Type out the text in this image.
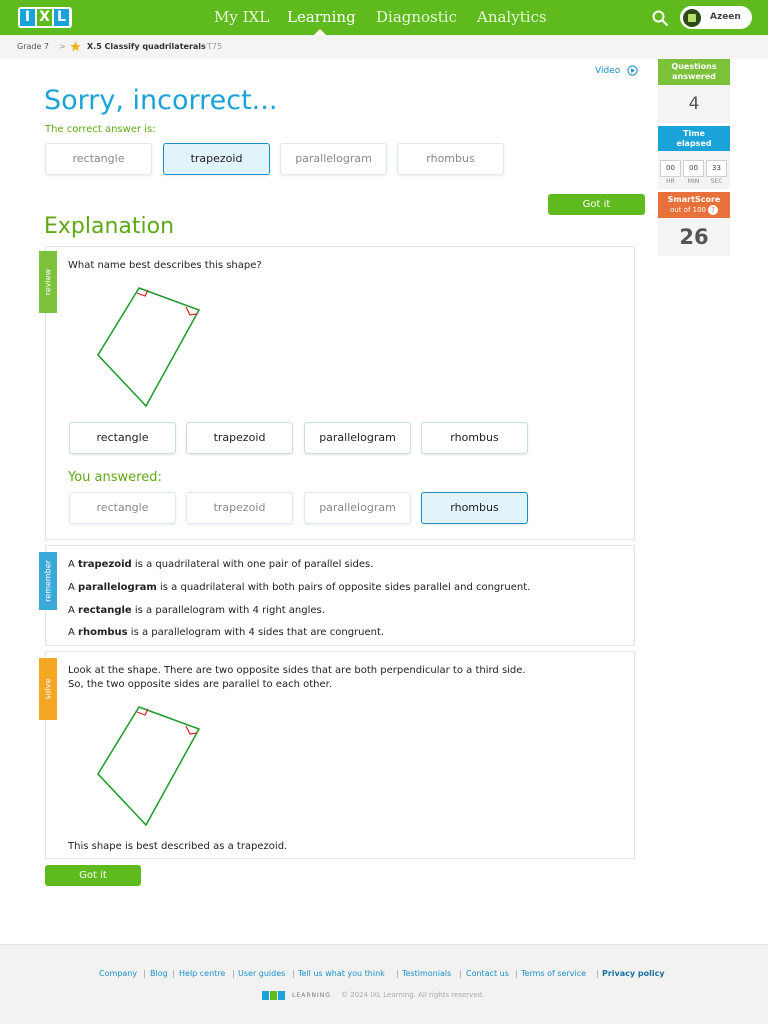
I X L	My IXL Learning Diagnostic Analytics	Azeen
Grade 7 >	X.5 Classify quadrilaterals T75
Video
Sorry, incorrect...
The correct answer is:
rectangle	trapezoid	parallelogram	rhombus
Got it
Explanation
review
What name best describes this shape?
rectangle	trapezoid	parallelogram	rhombus
You answered:
rectangle	trapezoid	parallelogram	rhombus
remember A trapezoid is a quadrilateral with one pair of parallel sides.
A parallelogram is a quadrilateral with both pairs of opposite sides parallel and congruent.
A rectangle is a parallelogram with 4 right angles.
A rhombus is a parallelogram with 4 sides that are congruent.
solve
Look at the shape. There are two opposite sides that are both perpendicular to a third side.
So, the two opposite sides are parallel to each other.
This shape is best described as a trapezoid.
Got it
Questions
answered
4
Time
elapsed
00	00	33
HR	MIN	SEC
SmartScore
out of 100 ?
26
Company | Blog | Help centre | User guides | Tell us what you think | Testimonials | Contact us | Terms of service | Privacy policy
$^{LEARNING}$ © 2024 IXL Learning. All rights reserved.
